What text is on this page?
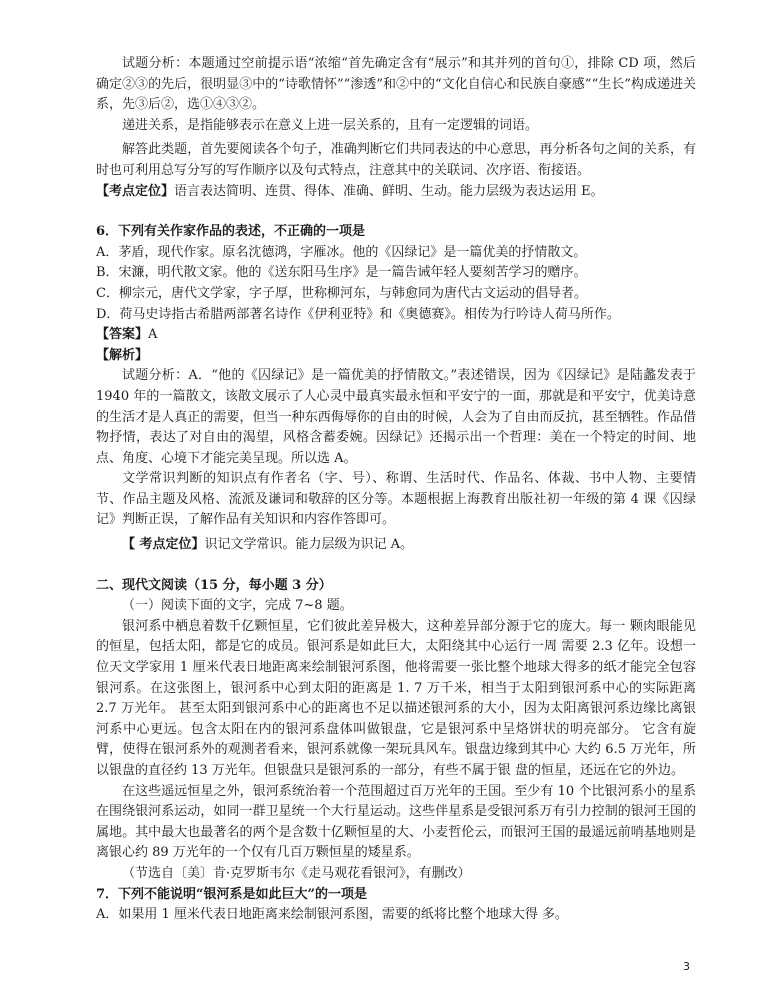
试题分析：本题通过空前提示语“浓缩“首先确定含有“展示”和其并列的首句①，排除 CD 项，然后确定②③的先后，很明显③中的“诗歌情怀”“渗透”和②中的“文化自信心和民族自豪感”“生长”构成递进关系，先③后②，选①④③②。

递进关系，是指能够表示在意义上进一层关系的，且有一定逻辑的词语。

解答此类题，首先要阅读各个句子，准确判断它们共同表达的中心意思，再分析各句之间的关系，有时也可利用总写分写的写作顺序以及句式特点，注意其中的关联词、次序语、衔接语。

【考点定位】语言表达简明、连贯、得体、准确、鲜明、生动。能力层级为表达运用 E。

6．下列有关作家作品的表述，不正确的一项是

A．茅盾，现代作家。原名沈德鸿，字雁冰。他的《囚绿记》是一篇优美的抒情散文。

B．宋濂，明代散文家。他的《送东阳马生序》是一篇告诫年轻人要刻苦学习的赠序。

C．柳宗元，唐代文学家，字子厚，世称柳河东，与韩愈同为唐代古文运动的倡导者。

D．荷马史诗指古希腊两部著名诗作《伊利亚特》和《奥德赛》。相传为行吟诗人荷马所作。

【答案】A

【解析】

试题分析：A．“他的《囚绿记》是一篇优美的抒情散文。”表述错误，因为《囚绿记》是陆蠡发表于 1940 年的一篇散文，该散文展示了人心灵中最真实最永恒和平安宁的一面，那就是和平安宁，优美诗意的生活才是人真正的需要，但当一种东西侮辱你的自由的时候，人会为了自由而反抗，甚至牺牲。作品借物抒情，表达了对自由的渴望，风格含蓄委婉。因绿记》还揭示出一个哲理：美在一个特定的时间、地点、角度、心境下才能完美呈现。所以选 A。

文学常识判断的知识点有作者名（字、号）、称谓、生活时代、作品名、体裁、书中人物、主要情节、作品主题及风格、流派及谦词和敬辞的区分等。本题根据上海教育出版社初一年级的第 4 课《囚绿记》判断正误，了解作品有关知识和内容作答即可。

【 考点定位】识记文学常识。能力层级为识记 A。

二、现代文阅读（15 分，每小题 3 分）

（一）阅读下面的文字，完成 7~8 题。

银河系中栖息着数千亿颗恒星，它们彼此差异极大，这种差异部分源于它的庞大。每一 颗肉眼能见的恒星，包括太阳，都是它的成员。银河系是如此巨大，太阳绕其中心运行一周 需要 2.3 亿年。设想一位天文学家用 1 厘米代表日地距离来绘制银河系图，他将需要一张比整个地球大得多的纸才能完全包容银河系。在这张图上，银河系中心到太阳的距离是 1. 7 万千米，相当于太阳到银河系中心的实际距离 2.7 万光年。 甚至太阳到银河系中心的距离也不足以描述银河系的大小，因为太阳离银河系边缘比离银河系中心更远。包含太阳在内的银河系盘体叫做银盘，它是银河系中呈烙饼状的明亮部分。 它含有旋臂，使得在银河系外的观测者看来，银河系就像一架玩具风车。银盘边缘到其中心 大约 6.5 万光年，所以银盘的直径约 13 万光年。但银盘只是银河系的一部分，有些不属于银 盘的恒星，还远在它的外边。

在这些遥远恒星之外，银河系统治着一个范围超过百万光年的王国。至少有 10 个比银河系小的星系在围绕银河系运动，如同一群卫星统一个大行星运动。这些伴星系是受银河系万有引力控制的银河王国的属地。其中最大也最著名的两个是含数十亿颗恒星的大、小麦哲伦云，而银河王国的最遥远前哨基地则是离银心约 89 万光年的一个仅有几百万颗恒星的矮星系。

（节选自〔美〕肯·克罗斯韦尔《走马观花看银河》，有删改）

7．下列不能说明“银河系是如此巨大”的一项是

A．如果用 1 厘米代表日地距离来绘制银河系图，需要的纸将比整个地球大得 多。

3
